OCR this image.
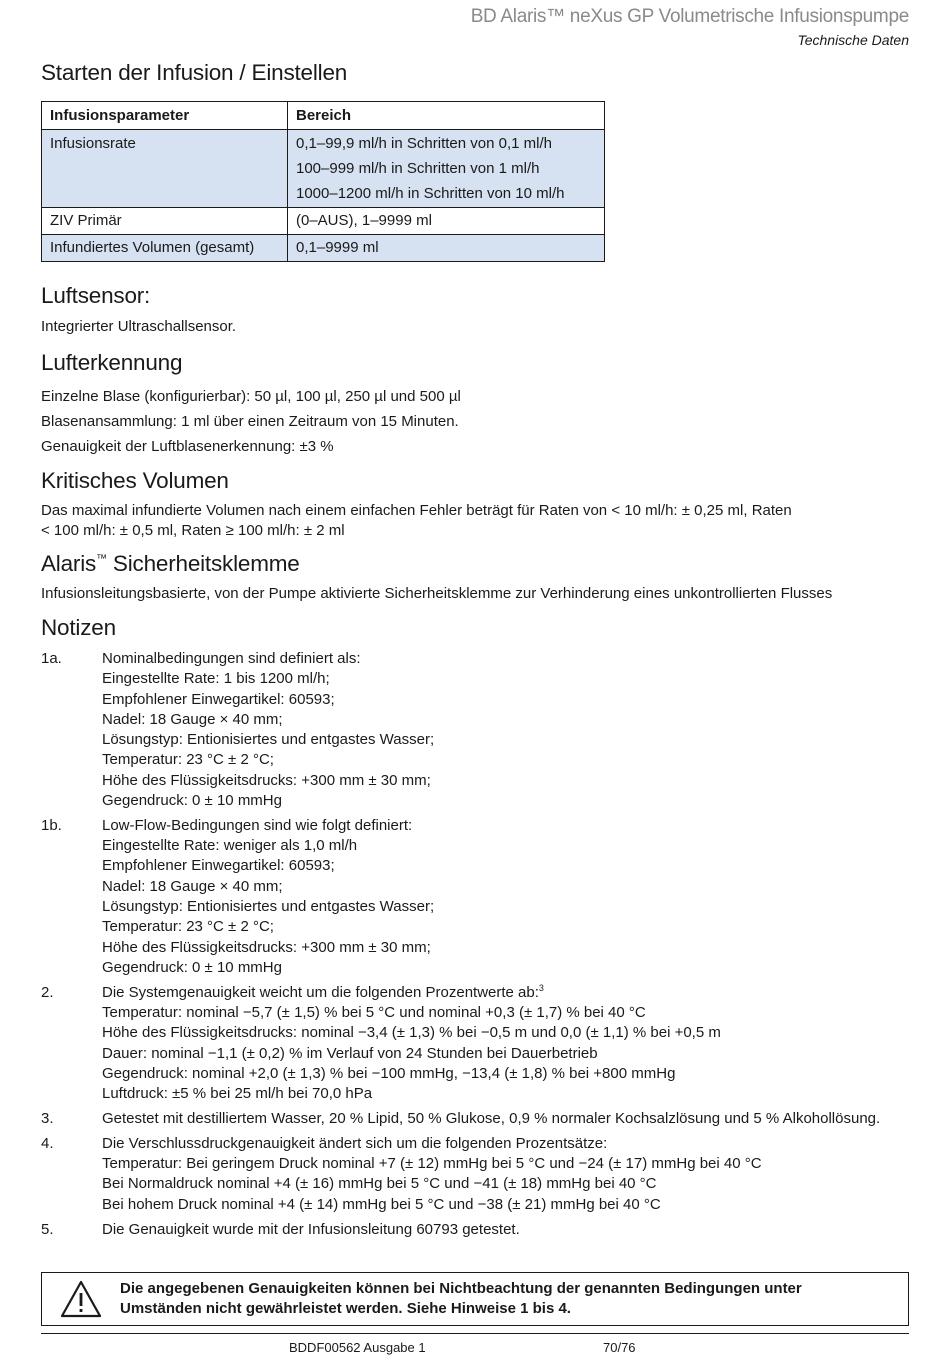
BD Alaris™ neXus GP Volumetrische Infusionspumpe
Technische Daten
Starten der Infusion / Einstellen
Infusionsparameter	Bereich
Infusionsrate	0,1–99,9 ml/h in Schritten von 0,1 ml/h
100–999 ml/h in Schritten von 1 ml/h
1000–1200 ml/h in Schritten von 10 ml/h

ZIV Primär	(0–AUS), 1–9999 ml
Infundiertes Volumen (gesamt)	0,1–9999 ml
Luftsensor:

Integrierter Ultraschallsensor.

Lufterkennung

Einzelne Blase (konfigurierbar): 50 µl, 100 µl, 250 µl und 500 µl
Blasenansammlung: 1 ml über einen Zeitraum von 15 Minuten.
Genauigkeit der Luftblasenerkennung: ±3 %

Kritisches Volumen

Das maximal infundierte Volumen nach einem einfachen Fehler beträgt für Raten von < 10 ml/h: ± 0,25 ml, Raten
< 100 ml/h: ± 0,5 ml, Raten ≥ 100 ml/h: ± 2 ml

Alaris™ Sicherheitsklemme

Infusionsleitungsbasierte, von der Pumpe aktivierte Sicherheitsklemme zur Verhinderung eines unkontrollierten Flusses

Notizen
1a.	Nominalbedingungen sind definiert als:
Eingestellte Rate: 1 bis 1200 ml/h;
Empfohlener Einwegartikel: 60593;
Nadel: 18 Gauge × 40 mm;
Lösungstyp: Entionisiertes und entgastes Wasser;
Temperatur: 23 °C ± 2 °C;
Höhe des Flüssigkeitsdrucks: +300 mm ± 30 mm;
Gegendruck: 0 ± 10 mmHg
1b.	Low-Flow-Bedingungen sind wie folgt definiert:
Eingestellte Rate: weniger als 1,0 ml/h
Empfohlener Einwegartikel: 60593;
Nadel: 18 Gauge × 40 mm;
Lösungstyp: Entionisiertes und entgastes Wasser;
Temperatur: 23 °C ± 2 °C;
Höhe des Flüssigkeitsdrucks: +300 mm ± 30 mm;
Gegendruck: 0 ± 10 mmHg
2.	Die Systemgenauigkeit weicht um die folgenden Prozentwerte ab:$^3$
Temperatur: nominal −5,7 (± 1,5) % bei 5 °C und nominal +0,3 (± 1,7) % bei 40 °C
Höhe des Flüssigkeitsdrucks: nominal −3,4 (± 1,3) % bei −0,5 m und 0,0 (± 1,1) % bei +0,5 m
Dauer: nominal −1,1 (± 0,2) % im Verlauf von 24 Stunden bei Dauerbetrieb
Gegendruck: nominal +2,0 (± 1,3) % bei −100 mmHg, −13,4 (± 1,8) % bei +800 mmHg
Luftdruck: ±5 % bei 25 ml/h bei 70,0 hPa
3.	Getestet mit destilliertem Wasser, 20 % Lipid, 50 % Glukose, 0,9 % normaler Kochsalzlösung und 5 % Alkohollösung.
4.	Die Verschlussdruckgenauigkeit ändert sich um die folgenden Prozentsätze:
Temperatur: Bei geringem Druck nominal +7 (± 12) mmHg bei 5 °C und −24 (± 17) mmHg bei 40 °C
Bei Normaldruck nominal +4 (± 16) mmHg bei 5 °C und −41 (± 18) mmHg bei 40 °C
Bei hohem Druck nominal +4 (± 14) mmHg bei 5 °C und −38 (± 21) mmHg bei 40 °C
5.	Die Genauigkeit wurde mit der Infusionsleitung 60793 getestet.
Die angegebenen Genauigkeiten können bei Nichtbeachtung der genannten Bedingungen unter
Umständen nicht gewährleistet werden. Siehe Hinweise 1 bis 4.
BDDF00562 Ausgabe 1	70/76
